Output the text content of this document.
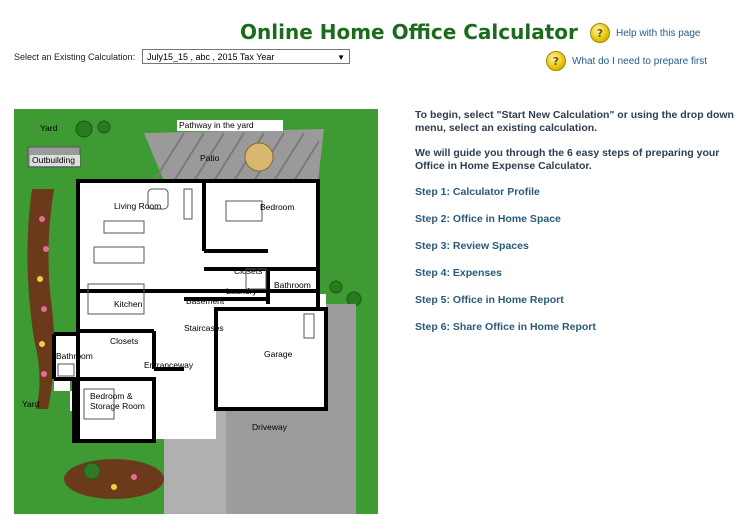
Online Home Office Calculator	?	Help with this page
?	What do I need to prepare first
Select an Existing Calculation:	July15_15 , abc , 2015 Tax Year	▼
Yard	Pathway in the yard
Outbuilding	Patio
Living Room	Bedroom
Closets
Bathroom
Laundry
Kitchen	Basement
Staircases
Closets
Bathroom
Entranceway
Garage
Bedroom &
Storage Room
Yard
Driveway

To begin, select "Start New Calculation" or using the drop down menu, select an existing calculation.

We will guide you through the 6 easy steps of preparing your Office in Home Expense Calculator.

Step 1: Calculator Profile
Step 2: Office in Home Space
Step 3: Review Spaces
Step 4: Expenses
Step 5: Office in Home Report
Step 6: Share Office in Home Report
